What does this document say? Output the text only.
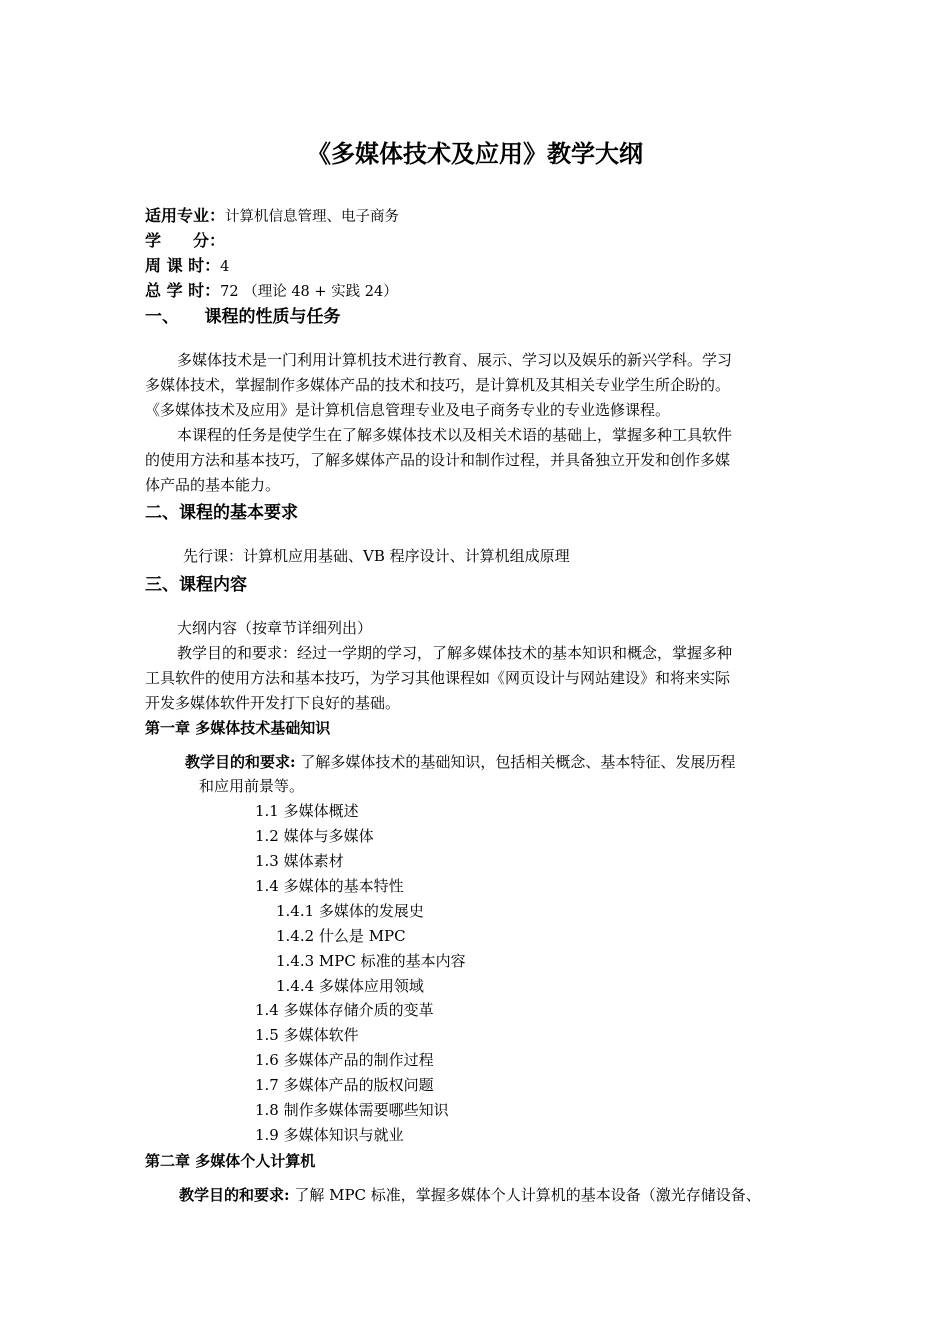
《多媒体技术及应用》教学大纲
适用专业：计算机信息管理、电子商务
学　　分：
周 课 时：4
总 学 时：72 （理论 48 + 实践 24）
一、　　课程的性质与任务
多媒体技术是一门利用计算机技术进行教育、展示、学习以及娱乐的新兴学科。学习
多媒体技术，掌握制作多媒体产品的技术和技巧，是计算机及其相关专业学生所企盼的。
《多媒体技术及应用》是计算机信息管理专业及电子商务专业的专业选修课程。
本课程的任务是使学生在了解多媒体技术以及相关术语的基础上，掌握多种工具软件
的使用方法和基本技巧，了解多媒体产品的设计和制作过程，并具备独立开发和创作多媒
体产品的基本能力。
二、课程的基本要求
先行课：计算机应用基础、VB 程序设计、计算机组成原理
三、课程内容
大纲内容（按章节详细列出）
教学目的和要求：经过一学期的学习，了解多媒体技术的基本知识和概念，掌握多种
工具软件的使用方法和基本技巧，为学习其他课程如《网页设计与网站建设》和将来实际
开发多媒体软件开发打下良好的基础。
第一章 多媒体技术基础知识
教学目的和要求: 了解多媒体技术的基础知识，包括相关概念、基本特征、发展历程
和应用前景等。
1.1 多媒体概述
1.2 媒体与多媒体
1.3 媒体素材
1.4 多媒体的基本特性
1.4.1 多媒体的发展史
1.4.2 什么是 MPC
1.4.3 MPC 标准的基本内容
1.4.4 多媒体应用领域
1.4 多媒体存储介质的变革
1.5 多媒体软件
1.6 多媒体产品的制作过程
1.7 多媒体产品的版权问题
1.8 制作多媒体需要哪些知识
1.9 多媒体知识与就业
第二章 多媒体个人计算机
教学目的和要求: 了解 MPC 标准，掌握多媒体个人计算机的基本设备（激光存储设备、
